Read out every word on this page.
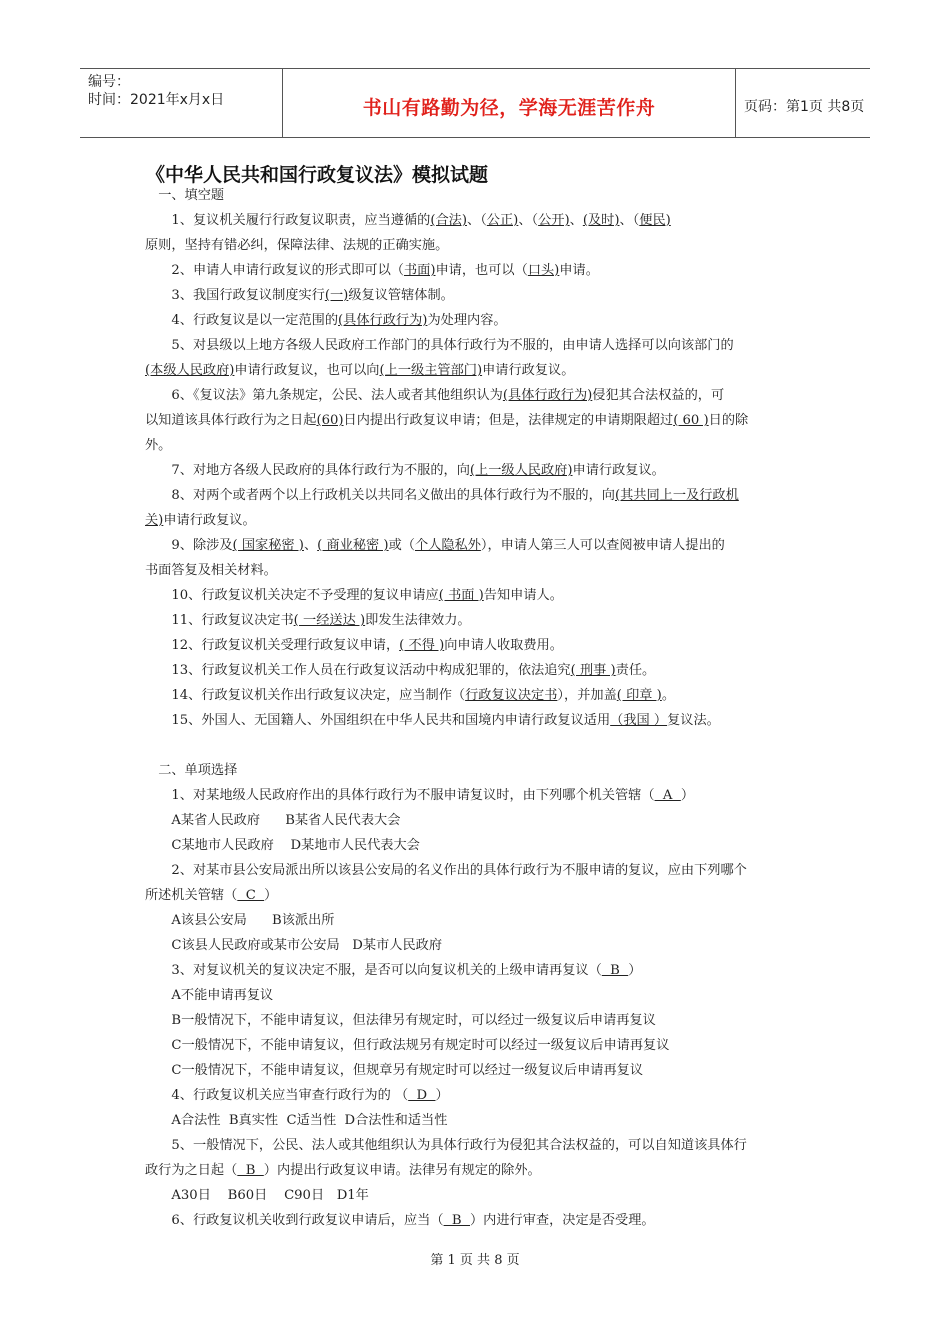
编号：
时间：2021年x月x日	书山有路勤为径，学海无涯苦作舟	页码：第1页 共8页
《中华人民共和国行政复议法》模拟试题

一、填空题

1、复议机关履行行政复议职责，应当遵循的(合法)、（公正)、（公开)、(及时)、（便民)

原则，坚持有错必纠，保障法律、法规的正确实施。

2、申请人申请行政复议的形式即可以（书面)申请，也可以（口头)申请。

3、我国行政复议制度实行(一)级复议管辖体制。

4、行政复议是以一定范围的(具体行政行为)为处理内容。

5、对县级以上地方各级人民政府工作部门的具体行政行为不服的，由申请人选择可以向该部门的

(本级人民政府)申请行政复议，也可以向(上一级主管部门)申请行政复议。

6、《复议法》第九条规定，公民、法人或者其他组织认为(具体行政行为)侵犯其合法权益的，可

以知道该具体行政行为之日起(60)日内提出行政复议申请；但是，法律规定的申请期限超过( 60 )日的除

外。

7、对地方各级人民政府的具体行政行为不服的，向(上一级人民政府)申请行政复议。

8、对两个或者两个以上行政机关以共同名义做出的具体行政行为不服的，向(其共同上一及行政机

关)申请行政复议。

9、除涉及( 国家秘密 )、( 商业秘密 )或（个人隐私外），申请人第三人可以查阅被申请人提出的

书面答复及相关材料。

10、行政复议机关决定不予受理的复议申请应( 书面 )告知申请人。

11、行政复议决定书( 一经送达 )即发生法律效力。

12、行政复议机关受理行政复议申请，( 不得 )向申请人收取费用。

13、行政复议机关工作人员在行政复议活动中构成犯罪的，依法追究( 刑事 )责任。

14、行政复议机关作出行政复议决定，应当制作（行政复议决定书），并加盖( 印章 )。

15、外国人、无国籍人、外国组织在中华人民共和国境内申请行政复议适用（我国 ）复议法。

二、单项选择

1、对某地级人民政府作出的具体行政行为不服申请复议时，由下列哪个机关管辖（  A  ）

A某省人民政府      B某省人民代表大会

C某地市人民政府    D某地市人民代表大会

2、对某市县公安局派出所以该县公安局的名义作出的具体行政行为不服申请的复议，应由下列哪个

所述机关管辖（  C  ）

A该县公安局      B该派出所

C该县人民政府或某市公安局   D某市人民政府

3、对复议机关的复议决定不服，是否可以向复议机关的上级申请再复议（  B  ）

A不能申请再复议

B一般情况下，不能申请复议，但法律另有规定时，可以经过一级复议后申请再复议

C一般情况下，不能申请复议，但行政法规另有规定时可以经过一级复议后申请再复议

C一般情况下，不能申请复议，但规章另有规定时可以经过一级复议后申请再复议

4、行政复议机关应当审查行政行为的 （  D  ）

A合法性  B真实性  C适当性  D合法性和适当性

5、一般情况下，公民、法人或其他组织认为具体行政行为侵犯其合法权益的，可以自知道该具体行

政行为之日起（  B  ）内提出行政复议申请。法律另有规定的除外。

A30日    B60日    C90日   D1年

6、行政复议机关收到行政复议申请后，应当（  B  ）内进行审查，决定是否受理。

第 1 页 共 8 页
